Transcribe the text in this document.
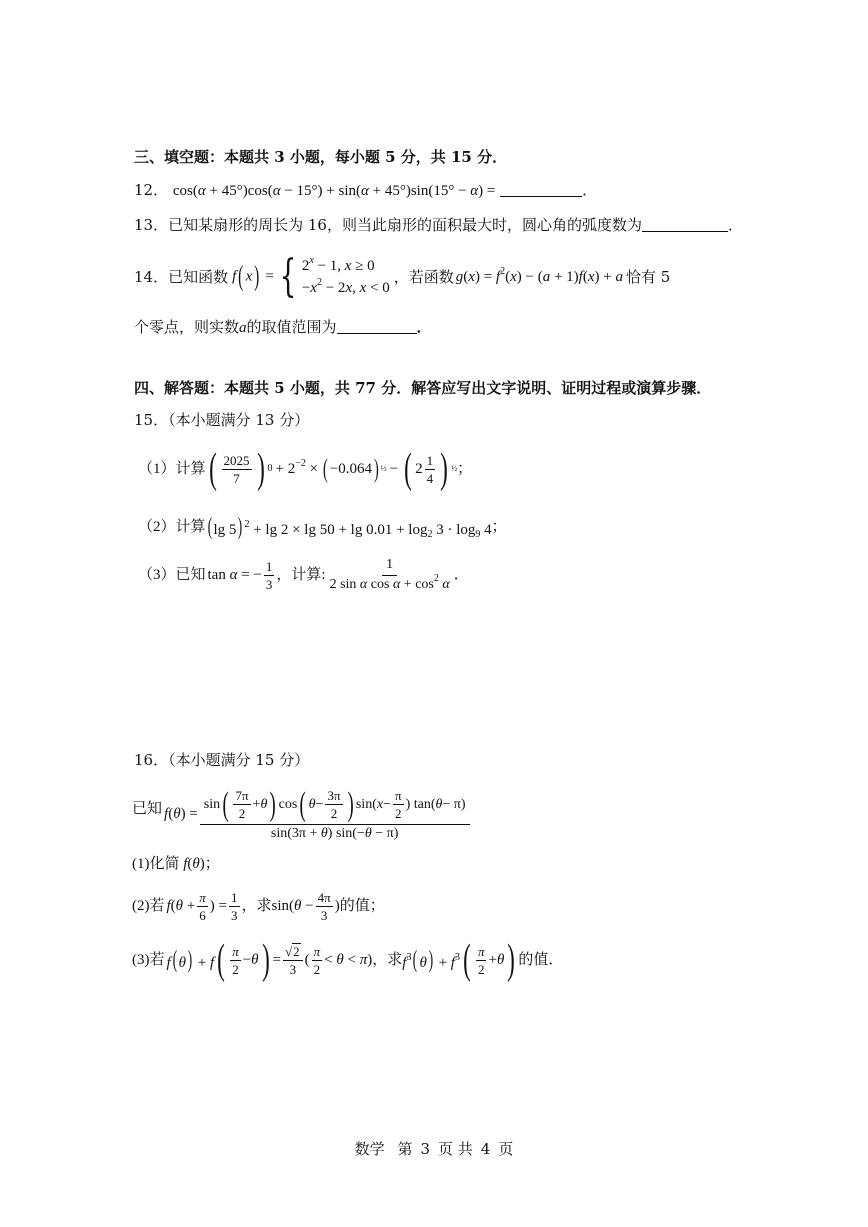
三、填空题：本题共 3 小题，每小题 5 分，共 15 分．
12． cos(α + 45°)cos(α − 15°) + sin(α + 45°)sin(15° − α) =	．
13．已知某扇形的周长为 16，则当此扇形的面积最大时，圆心角的弧度数为	．
14． 已知函数 f ( x ) = { $2^x - 1$, x ≥ 0
$-x^2 - 2x$, x < 0
，若函数 $g(x) = f^2(x) - (a + 1)f(x) + a$ 恰有 5
个零点，则实数a的取值范围为	．
四、解答题：本题共 5 小题，共 77 分．解答应写出文字说明、证明过程或演算步骤．
15．（本小题满分 13 分）
（1）计算 ( $\frac{2025}{7}$ ) $0 + 2^{-2}$ × ( −0.064 ) ⅓ − ( $2 \frac{1}{4}$ ) ½ ；
（2）计算 ( lg 5) $^2 + \lg 2 \times \lg 50 + \lg 0.01 + \log_2 3 \cdot \log_9 4$ ；
（3）已知 tan α = − $\frac{1}{3}$ ，计算: $\frac{1}{2 \sin \alpha \cos \alpha + \cos^2 \alpha}$ ．
16．（本小题满分 15 分）
已知 $f(\theta) = \frac{\sin ( \frac{7\pi}{2} + \theta ) \cos ( \theta - \frac{3\pi}{2} ) \sin( x - \frac{\pi}{2} ) \tan( \theta - \pi)}{\sin(3\pi + \theta) \sin(-\theta - \pi)}$
(1)化简 f(θ)；
(2)若 $f(\theta + \frac{\pi}{6}$ ) = $\frac{1}{3}$ ，求 $\sin(\theta - \frac{4\pi}{3}$ ) 的值；
(3)若 f( θ) + f ( $\frac{\pi}{2} - \theta$ ) = $\frac{√2}{3}$ ( $\frac{\pi}{2} < \theta < \pi$) ，求 $f^3$( $\theta) + f^3$ ( $\frac{\pi}{2} + \theta$ ) 的值．
数学 第 3 页 共 4 页
